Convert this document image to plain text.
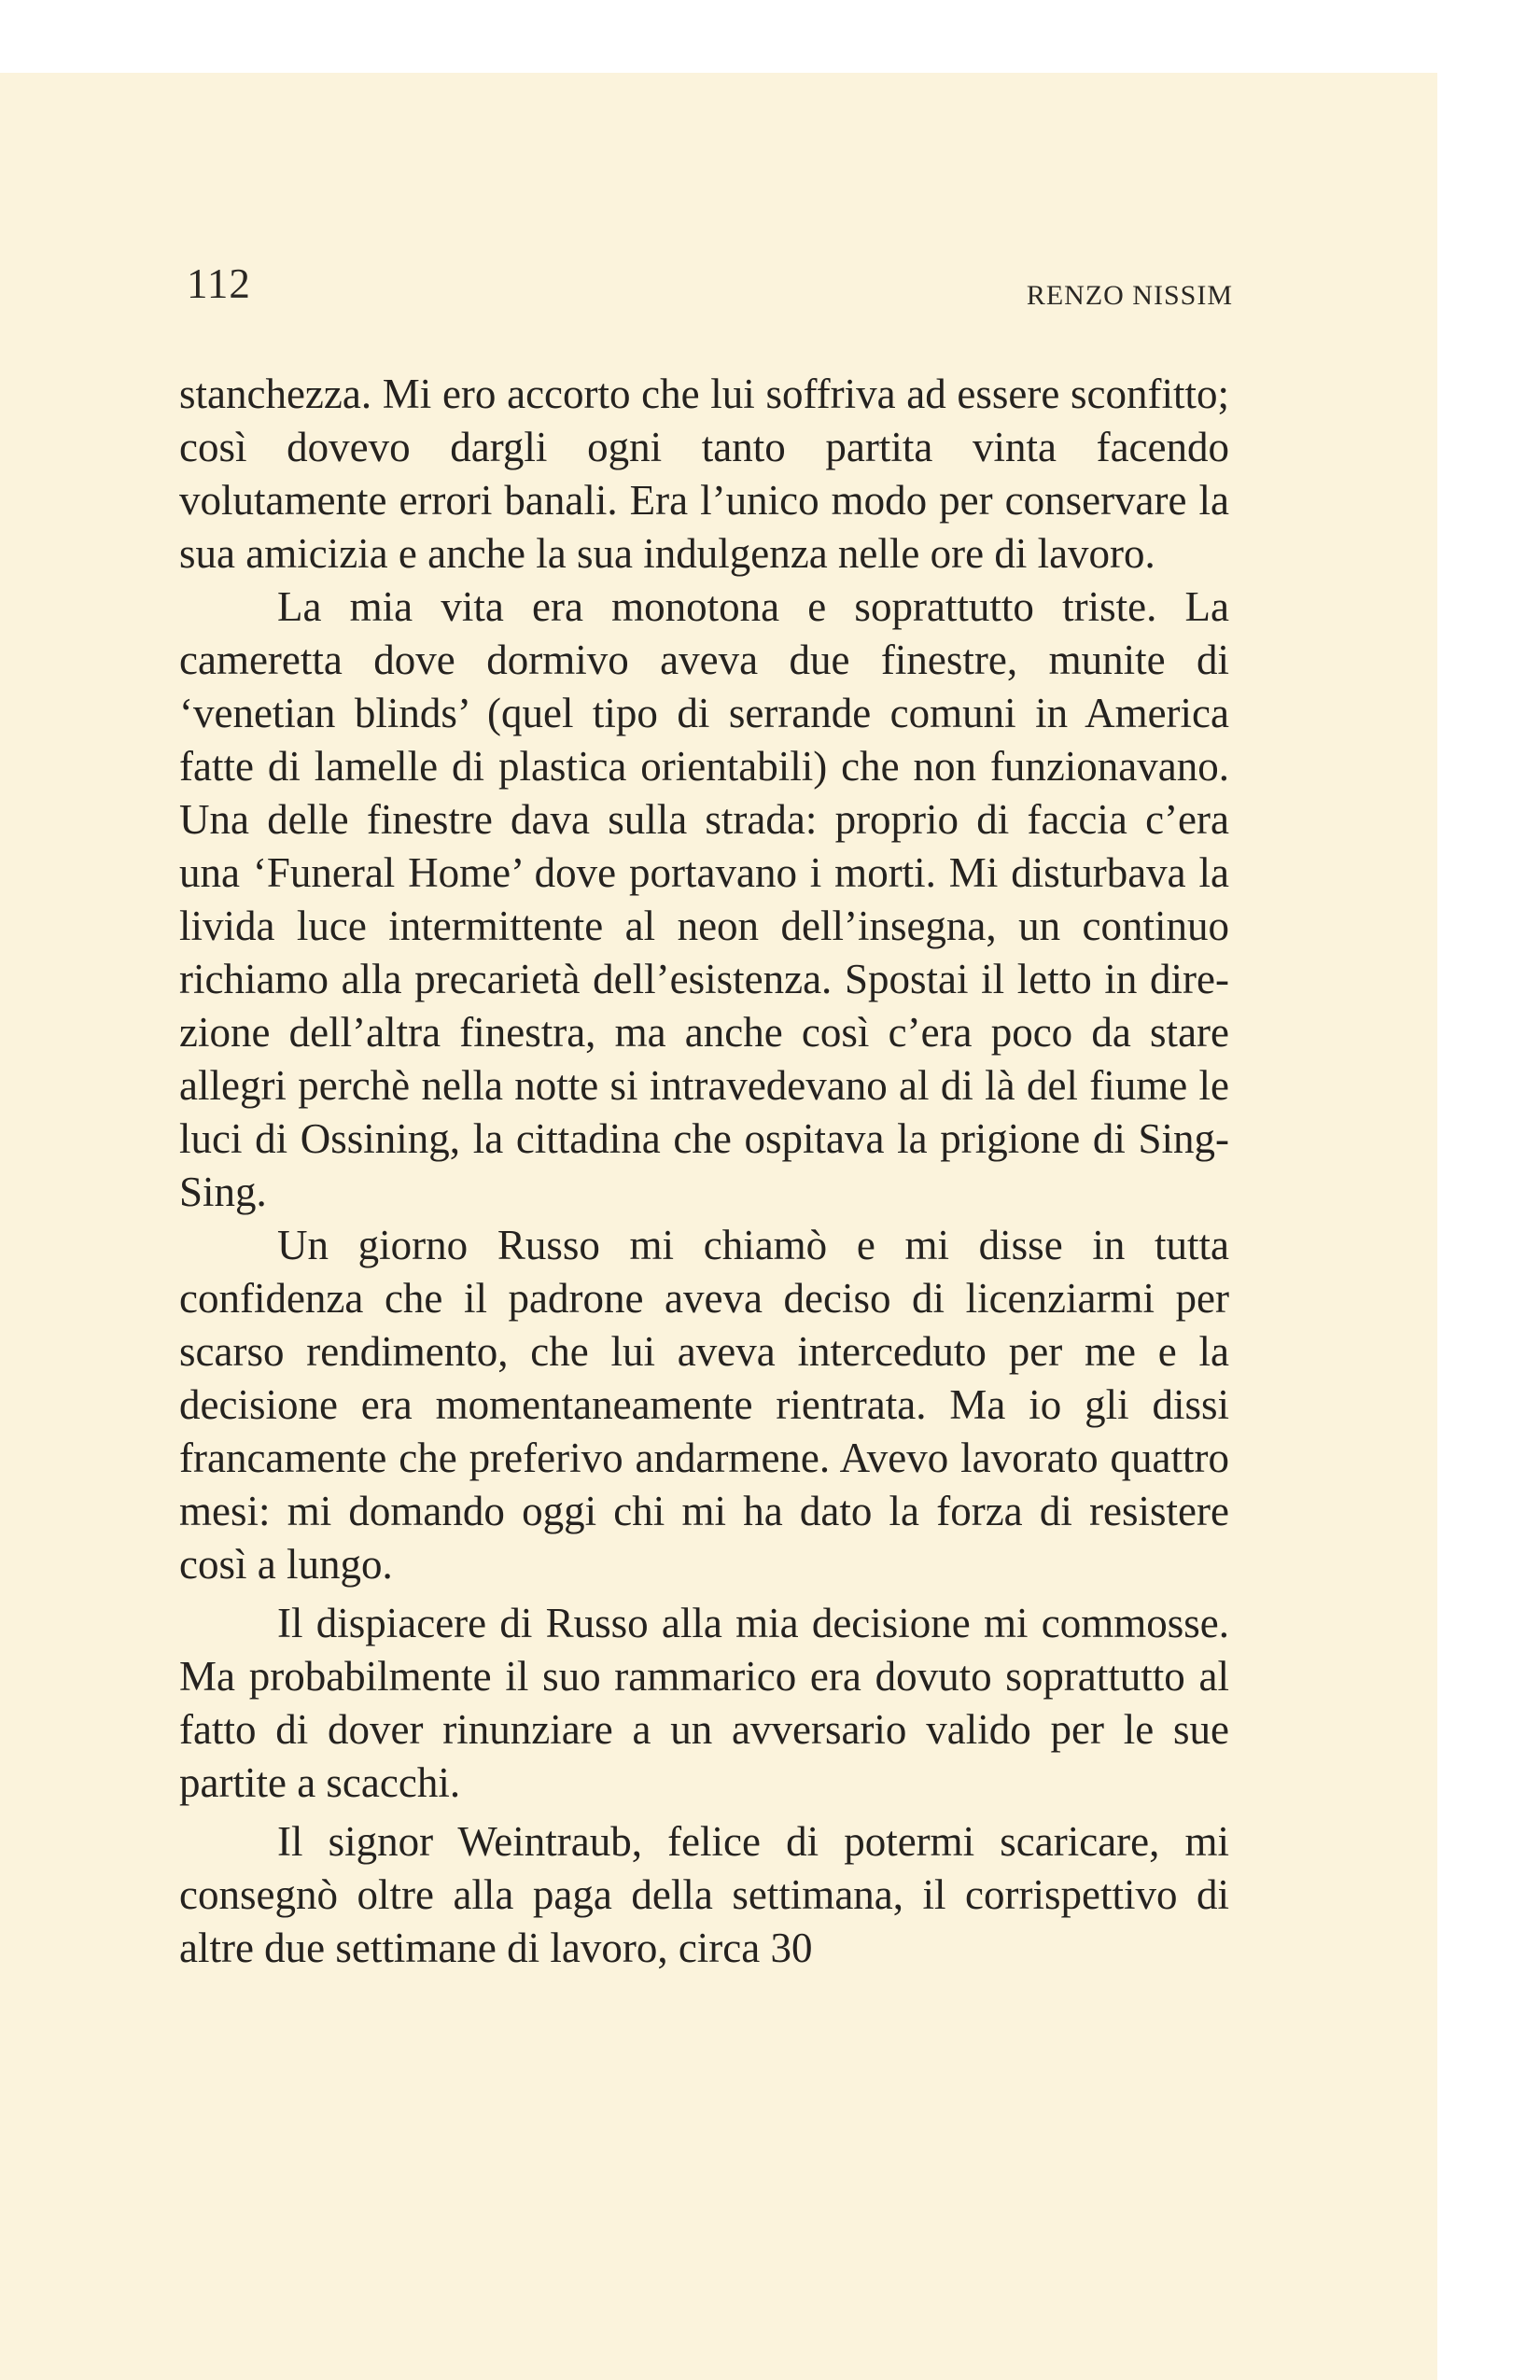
112	RENZO NISSIM

stanchezza. Mi ero accorto che lui soffriva ad essere sconfitto; così dovevo dargli ogni tanto partita vinta facendo volutamente errori banali. Era l’unico modo per conservare la sua amicizia e anche la sua indulgenza nelle ore di lavoro.

La mia vita era monotona e soprattutto triste. La cameretta dove dormivo aveva due finestre, munite di ‘venetian blinds’ (quel tipo di serrande comuni in America fatte di lamelle di plastica orientabili) che non funzionavano. Una delle finestre dava sulla strada: proprio di faccia c’era una ‘Funeral Home’ dove portavano i morti. Mi disturbava la livida luce intermittente al neon dell’insegna, un continuo richiamo alla precarietà dell’esistenza. Spostai il letto in direzione dell’altra finestra, ma anche così c’era poco da stare allegri perchè nella notte si intravedevano al di là del fiume le luci di Ossining, la cittadina che ospitava la prigione di Sing-Sing.

Un giorno Russo mi chiamò e mi disse in tutta confidenza che il padrone aveva deciso di licenziarmi per scarso rendimento, che lui aveva interceduto per me e la decisione era momentaneamente rientrata. Ma io gli dissi francamente che preferivo andarmene. Avevo lavorato quattro mesi: mi domando oggi chi mi ha dato la forza di resistere così a lungo.

Il dispiacere di Russo alla mia decisione mi commosse. Ma probabilmente il suo rammarico era dovuto soprattutto al fatto di dover rinunziare a un avversario valido per le sue partite a scacchi.

Il signor Weintraub, felice di potermi scaricare, mi consegnò oltre alla paga della settimana, il corrispettivo di altre due settimane di lavoro, circa 30
